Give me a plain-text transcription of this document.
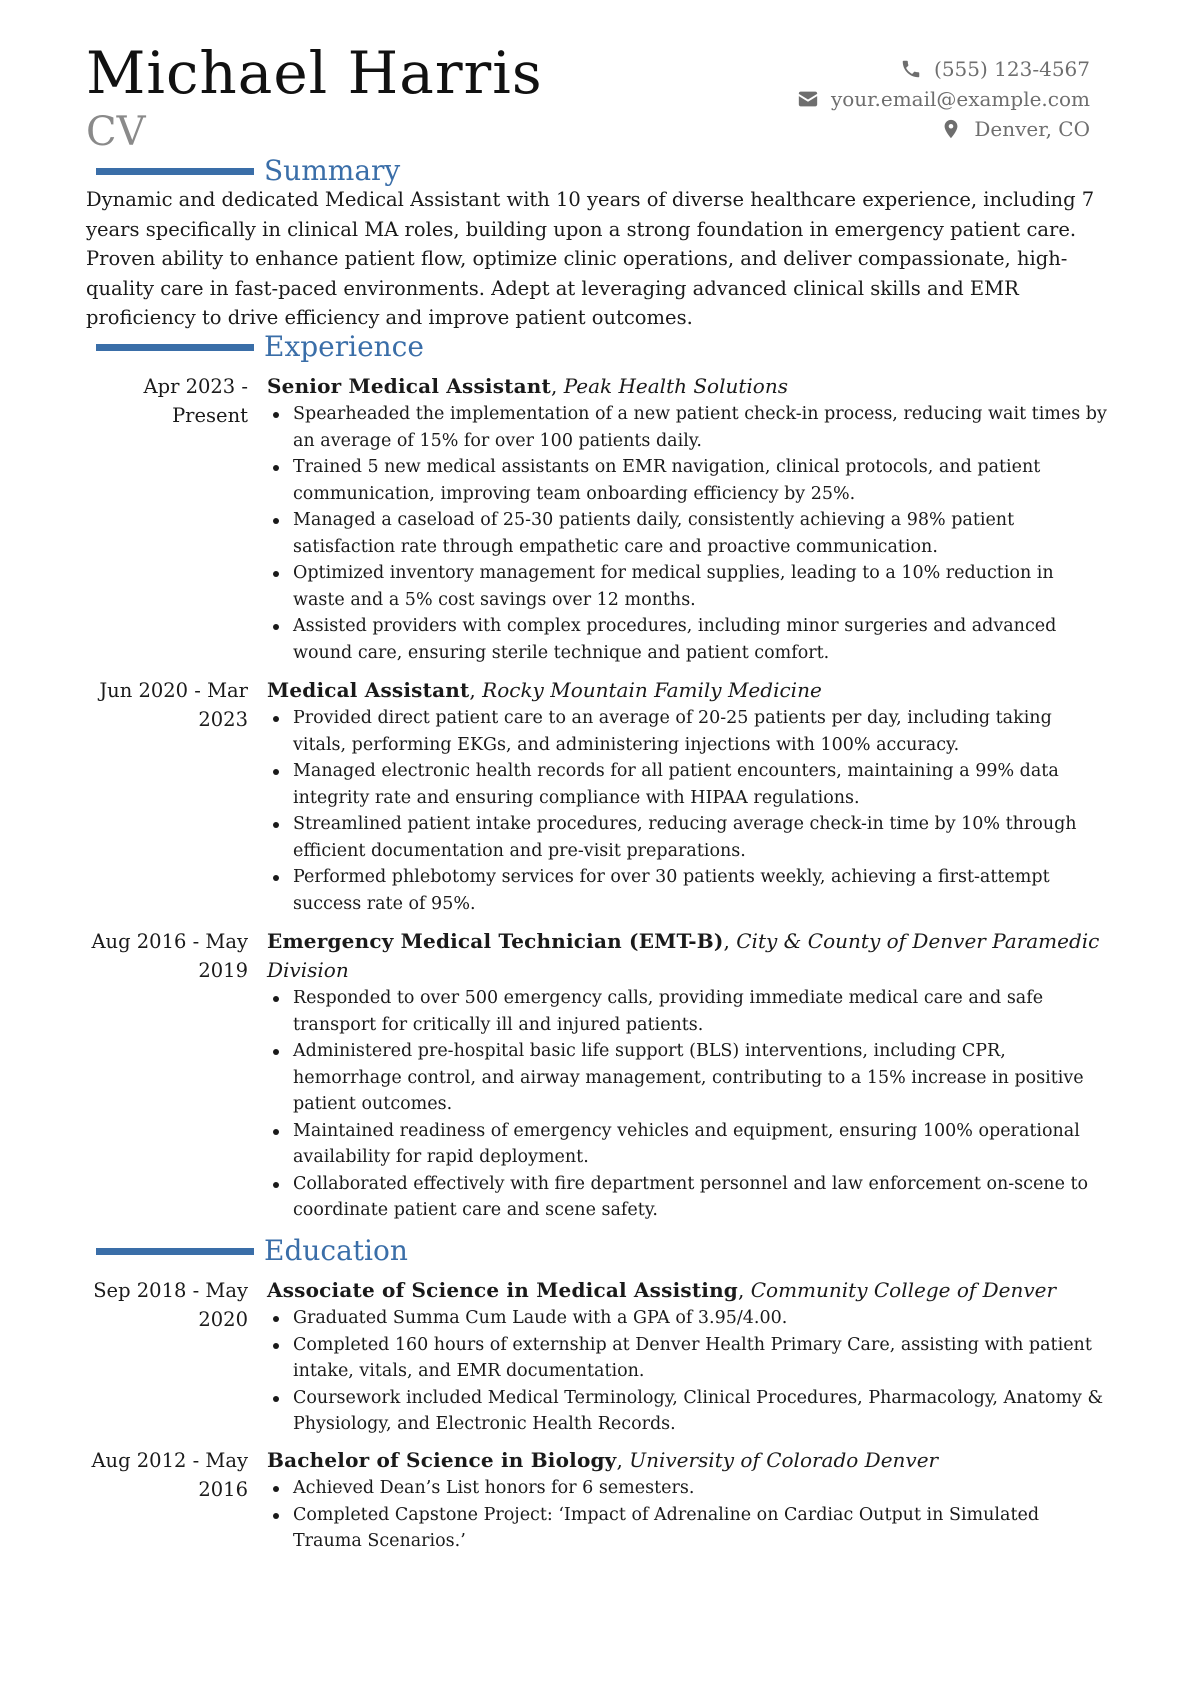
Michael Harris
CV
(555) 123-4567
your.email@example.com
Denver, CO
Summary

Dynamic and dedicated Medical Assistant with 10 years of diverse healthcare experience, including 7 years specifically in clinical MA roles, building upon a strong foundation in emergency patient care. Proven ability to enhance patient flow, optimize clinic operations, and deliver compassionate, high-quality care in fast-paced environments. Adept at leveraging advanced clinical skills and EMR proficiency to drive efficiency and improve patient outcomes.

Experience
Apr 2023 - Present

Senior Medical Assistant, Peak Health Solutions

Spearheaded the implementation of a new patient check-in process, reducing wait times by an average of 15% for over 100 patients daily.
Trained 5 new medical assistants on EMR navigation, clinical protocols, and patient communication, improving team onboarding efficiency by 25%.
Managed a caseload of 25-30 patients daily, consistently achieving a 98% patient satisfaction rate through empathetic care and proactive communication.
Optimized inventory management for medical supplies, leading to a 10% reduction in waste and a 5% cost savings over 12 months.
Assisted providers with complex procedures, including minor surgeries and advanced wound care, ensuring sterile technique and patient comfort.
Jun 2020 - Mar 2023

Medical Assistant, Rocky Mountain Family Medicine

Provided direct patient care to an average of 20-25 patients per day, including taking vitals, performing EKGs, and administering injections with 100% accuracy.
Managed electronic health records for all patient encounters, maintaining a 99% data integrity rate and ensuring compliance with HIPAA regulations.
Streamlined patient intake procedures, reducing average check-in time by 10% through efficient documentation and pre-visit preparations.
Performed phlebotomy services for over 30 patients weekly, achieving a first-attempt success rate of 95%.
Aug 2016 - May 2019

Emergency Medical Technician (EMT-B), City & County of Denver Paramedic Division

Responded to over 500 emergency calls, providing immediate medical care and safe transport for critically ill and injured patients.
Administered pre-hospital basic life support (BLS) interventions, including CPR, hemorrhage control, and airway management, contributing to a 15% increase in positive patient outcomes.
Maintained readiness of emergency vehicles and equipment, ensuring 100% operational availability for rapid deployment.
Collaborated effectively with fire department personnel and law enforcement on-scene to coordinate patient care and scene safety.
Education
Sep 2018 - May 2020

Associate of Science in Medical Assisting, Community College of Denver

Graduated Summa Cum Laude with a GPA of 3.95/4.00.
Completed 160 hours of externship at Denver Health Primary Care, assisting with patient intake, vitals, and EMR documentation.
Coursework included Medical Terminology, Clinical Procedures, Pharmacology, Anatomy & Physiology, and Electronic Health Records.
Aug 2012 - May 2016

Bachelor of Science in Biology, University of Colorado Denver

Achieved Dean’s List honors for 6 semesters.
Completed Capstone Project: ‘Impact of Adrenaline on Cardiac Output in Simulated Trauma Scenarios.’
